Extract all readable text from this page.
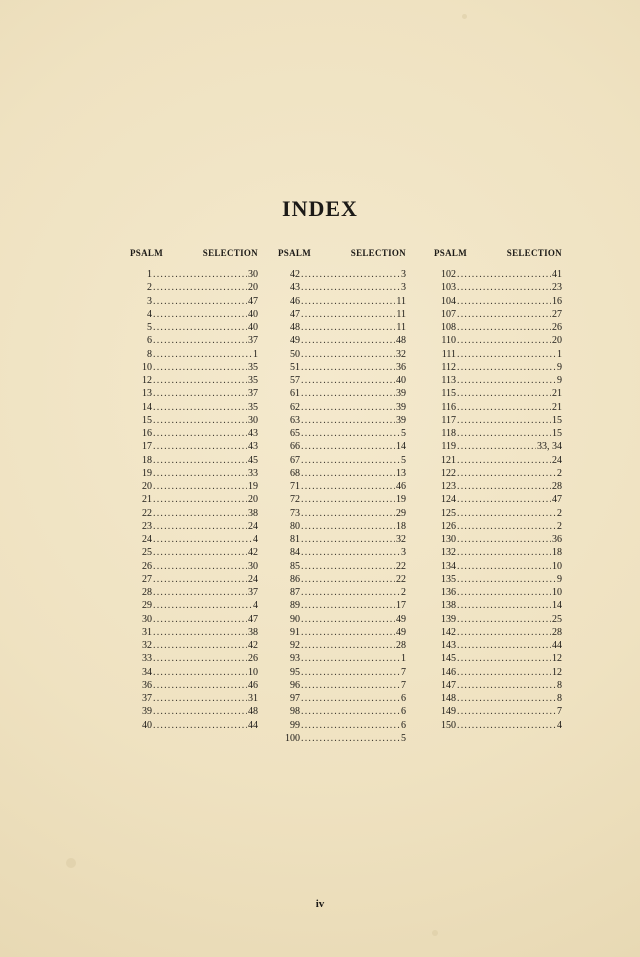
INDEX
PSALM	SELECTION
1 .....	30
2 .....	20
3 .....	47
4 .....	40
5 .....	40
6 .....	37
8 .....	1
10 .....	35
12 .....	35
13 .....	37
14 .....	35
15 .....	30
16 .....	43
17 .....	43
18 .....	45
19 .....	33
20 .....	19
21 .....	20
22 .....	38
23 .....	24
24 .....	4
25 .....	42
26 .....	30
27 .....	24
28 .....	37
29 .....	4
30 .....	47
31 .....	38
32 .....	42
33 .....	26
34 .....	10
36 .....	46
37 .....	31
39 .....	48
40 .....	44
PSALM	SELECTION
42 .....	3
43 .....	3
46 .....	11
47 .....	11
48 .....	11
49 .....	48
50 .....	32
51 .....	36
57 .....	40
61 .....	39
62 .....	39
63 .....	39
65 .....	5
66 .....	14
67 .....	5
68 .....	13
71 .....	46
72 .....	19
73 .....	29
80 .....	18
81 .....	32
84 .....	3
85 .....	22
86 .....	22
87 .....	2
89 .....	17
90 .....	49
91 .....	49
92 .....	28
93 .....	1
95 .....	7
96 .....	7
97 .....	6
98 .....	6
99 .....	6
100 .....	5
PSALM	SELECTION
102 .....	41
103 .....	23
104 .....	16
107 .....	27
108 .....	26
110 .....	20
111 .....	1
112 .....	9
113 .....	9
115 .....	21
116 .....	21
117 .....	15
118 .....	15
119 .....	33, 34
121 .....	24
122 .....	2
123 .....	28
124 .....	47
125 .....	2
126 .....	2
130 .....	36
132 .....	18
134 .....	10
135 .....	9
136 .....	10
138 .....	14
139 .....	25
142 .....	28
143 .....	44
145 .....	12
146 .....	12
147 .....	8
148 .....	8
149 .....	7
150 .....	4
iv
